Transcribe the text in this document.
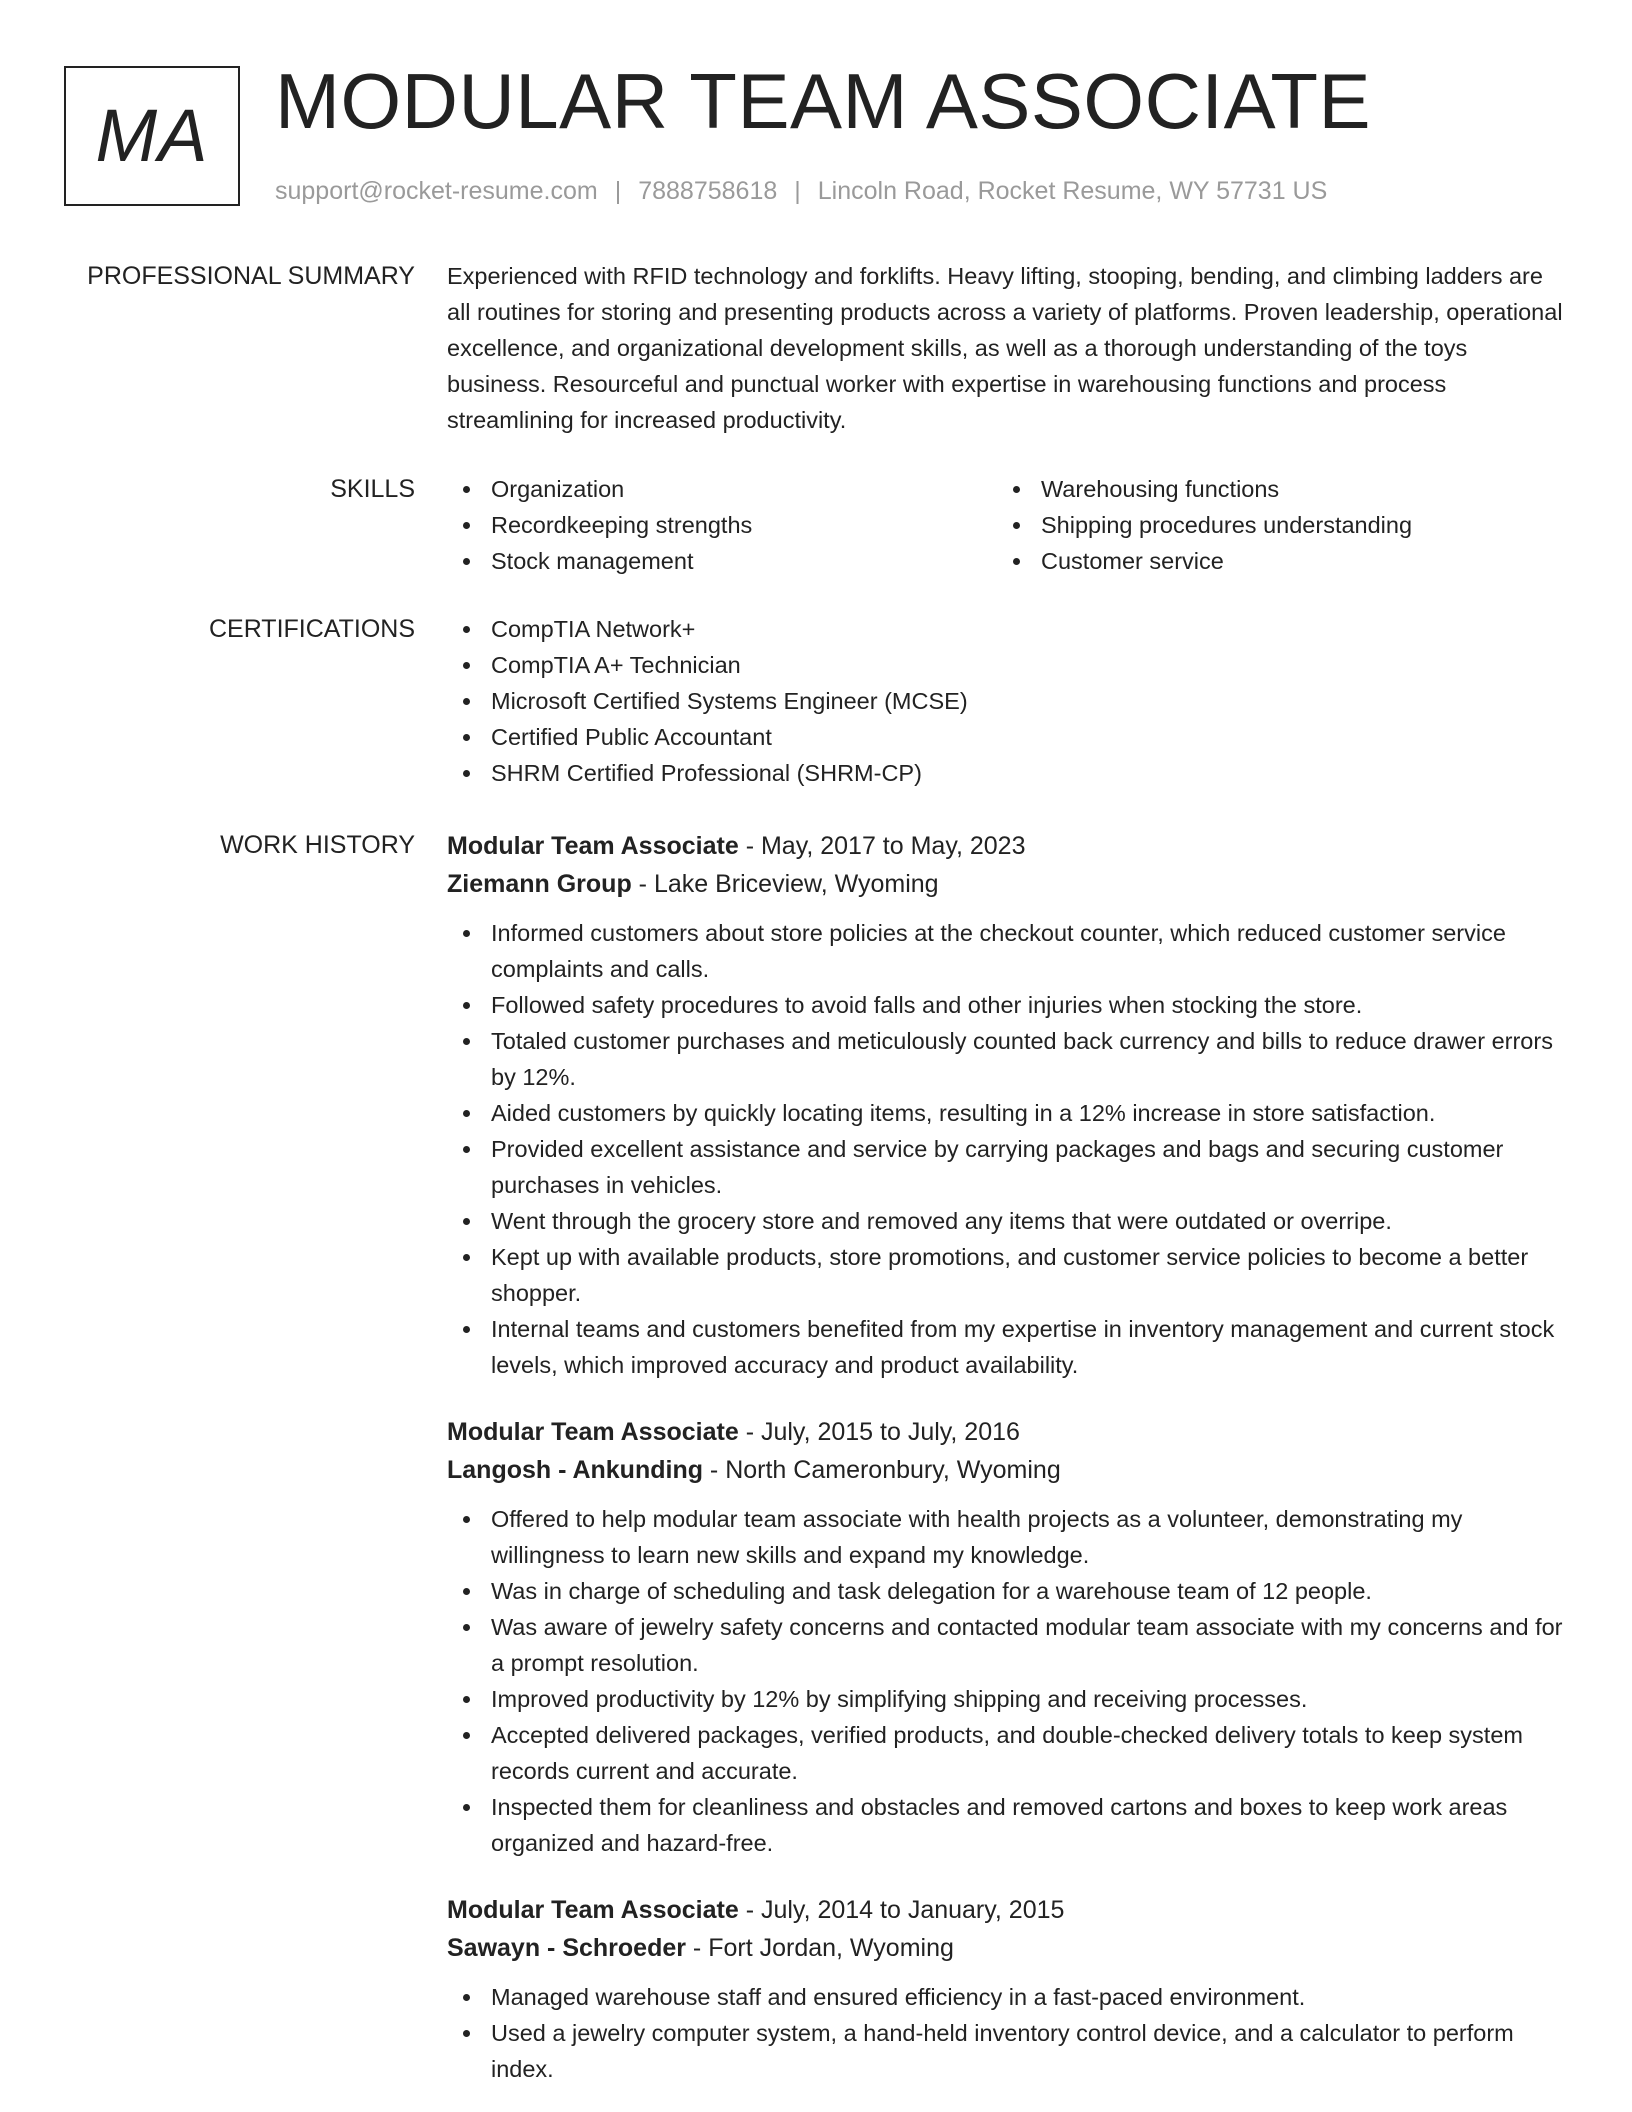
MA MODULAR TEAM ASSOCIATE
support@rocket-resume.com | 7888758618 | Lincoln Road, Rocket Resume, WY 57731 US
PROFESSIONAL SUMMARY Experienced with RFID technology and forklifts. Heavy lifting, stooping, bending, and climbing ladders are all routines for storing and presenting products across a variety of platforms. Proven leadership, operational excellence, and organizational development skills, as well as a thorough understanding of the toys business. Resourceful and punctual worker with expertise in warehousing functions and process streamlining for increased productivity.

SKILLS	Organization
Recordkeeping strengths
Stock management
Warehousing functions
Shipping procedures understanding
Customer service
CERTIFICATIONS	CompTIA Network+
CompTIA A+ Technician
Microsoft Certified Systems Engineer (MCSE)
Certified Public Accountant
SHRM Certified Professional (SHRM-CP)
WORK HISTORY Modular Team Associate - May, 2017 to May, 2023
Ziemann Group - Lake Briceview, Wyoming
Informed customers about store policies at the checkout counter, which reduced customer service complaints and calls.
Followed safety procedures to avoid falls and other injuries when stocking the store.
Totaled customer purchases and meticulously counted back currency and bills to reduce drawer errors by 12%.
Aided customers by quickly locating items, resulting in a 12% increase in store satisfaction.
Provided excellent assistance and service by carrying packages and bags and securing customer purchases in vehicles.
Went through the grocery store and removed any items that were outdated or overripe.
Kept up with available products, store promotions, and customer service policies to become a better shopper.
Internal teams and customers benefited from my expertise in inventory management and current stock levels, which improved accuracy and product availability.
Modular Team Associate - July, 2015 to July, 2016
Langosh - Ankunding - North Cameronbury, Wyoming
Offered to help modular team associate with health projects as a volunteer, demonstrating my willingness to learn new skills and expand my knowledge.
Was in charge of scheduling and task delegation for a warehouse team of 12 people.
Was aware of jewelry safety concerns and contacted modular team associate with my concerns and for a prompt resolution.
Improved productivity by 12% by simplifying shipping and receiving processes.
Accepted delivered packages, verified products, and double-checked delivery totals to keep system records current and accurate.
Inspected them for cleanliness and obstacles and removed cartons and boxes to keep work areas organized and hazard-free.
Modular Team Associate - July, 2014 to January, 2015
Sawayn - Schroeder - Fort Jordan, Wyoming
Managed warehouse staff and ensured efficiency in a fast-paced environment.
Used a jewelry computer system, a hand-held inventory control device, and a calculator to perform index.
